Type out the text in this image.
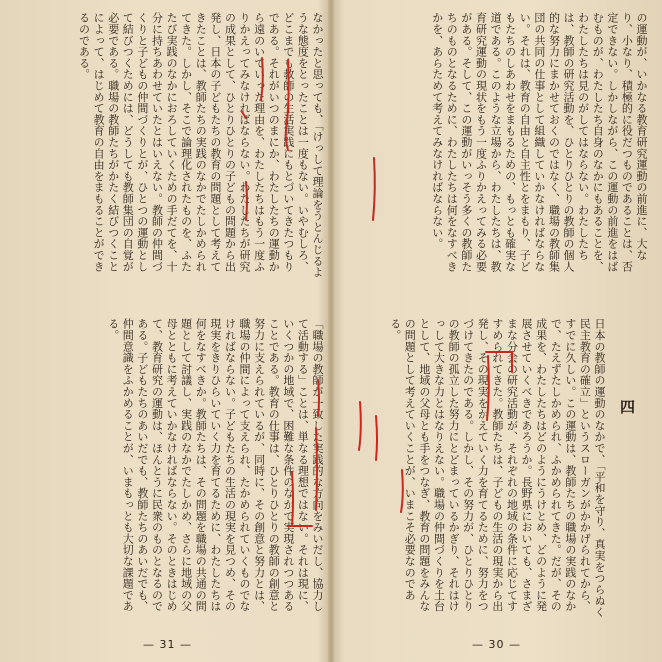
なかったと思っても、「けっして理論をうとんじるような態度をとったことは一度もない。いやむしろ、どこまでも教師の生活実践にもとづいてきたつもりである。それがいつのまにか、わたしたちの運動から遠のいていった理由を、わたしたちはもう一度ふりかえってみなければならない。わたしたちが研究の成果として、ひとりひとりの子どもの問題から出発し、日本の子どもたちの教育の問題として考えてきたことは、教師たちの実践のなかでたしかめられてきた。しかし、そこで論理化されたものを、ふたたび実践のなかにおろしていくための手だてを、十分に持ちあわせていたとはいえない。教師の仲間づくりと子どもの仲間づくりとが、ひとつの運動として結びつくためには、どうしても教師集団の自覚が必要である。職場の教師たちがかたく結びつくことによって、はじめて教育の自由をまもることができるのである。
「職場の教師が一致した実践的な方向をみいだし、協力して活動する」ことは、単なる理想ではない。それは現に、いくつかの地域で、困難な条件のなかで実現されつつあることである。教育の仕事は、ひとりひとりの教師の創意と努力に支えられているが、同時に、その創意と努力とは、職場の仲間によって支えられ、たかめられていくものでなければならない。子どもたちの生活の現実を見つめ、その現実をきりひらいていく力を育てるために、わたしたちは何をなすべきか。教師たちは、その問題を職場の共通の問題として討議し、実践のなかでたしかめ、さらに地域の父母とともに考えていかなければならない。そのときはじめて、教育研究の運動は、ほんとうに民衆のものとなるのである。子どもたちのあいだでも、教師たちのあいだでも、仲間意識をふかめることが、いまもっとも大切な課題である。
— 31 —
の運動が、いかなる教育研究運動の前進に、大なり、小なり、積極的に役だつものであることは、否定できない。しかしながら、この運動の前進をはばむものが、わたしたち自身のなかにもあることを、わたしたちは見のがしてはならない。わたしたちは、教師の研究活動を、ひとりひとりの教師の個人的な努力にまかせておくのではなく、職場の教師集団の共同の仕事として組織していかなければならない。それは、教育の自由と自主性とをまもり、子どもたちのしあわせをまもるための、もっとも確実な道である。このような立場から、わたしたちは、教育研究運動の現状をもう一度ふりかえってみる必要がある。そして、この運動がいっそう多くの教師たちのものとなるために、わたしたちは何をなすべきかを、あらためて考えてみなければならない。
日本の教師の運動のなかで、「平和を守り、真実をつらぬく民主教育の確立」というスローガンがかかげられてから、すでに久しい。この運動は、教師たちの職場の実践のなかで、たえずたしかめられ、ふかめられてきた。だが、その成果を、わたしたちはどのようにうけとめ、どのように発展させていくべきであろうか。長野県においても、さまざまな分会の研究活動が、それぞれの地域の条件に応じてすすめられてきた。教師たちは、子どもの生活の現実から出発し、その現実をかえていく力を育てるために、努力をつづけてきたのである。しかし、その努力が、ひとりひとりの教師の孤立した努力にとどまっているかぎり、それはけっして大きな力とはなりえない。職場の仲間づくりを土台として、地域の父母とも手をつなぎ、教育の問題をみんなの問題として考えていくことが、いまこそ必要なのである。
四
— 30 —
